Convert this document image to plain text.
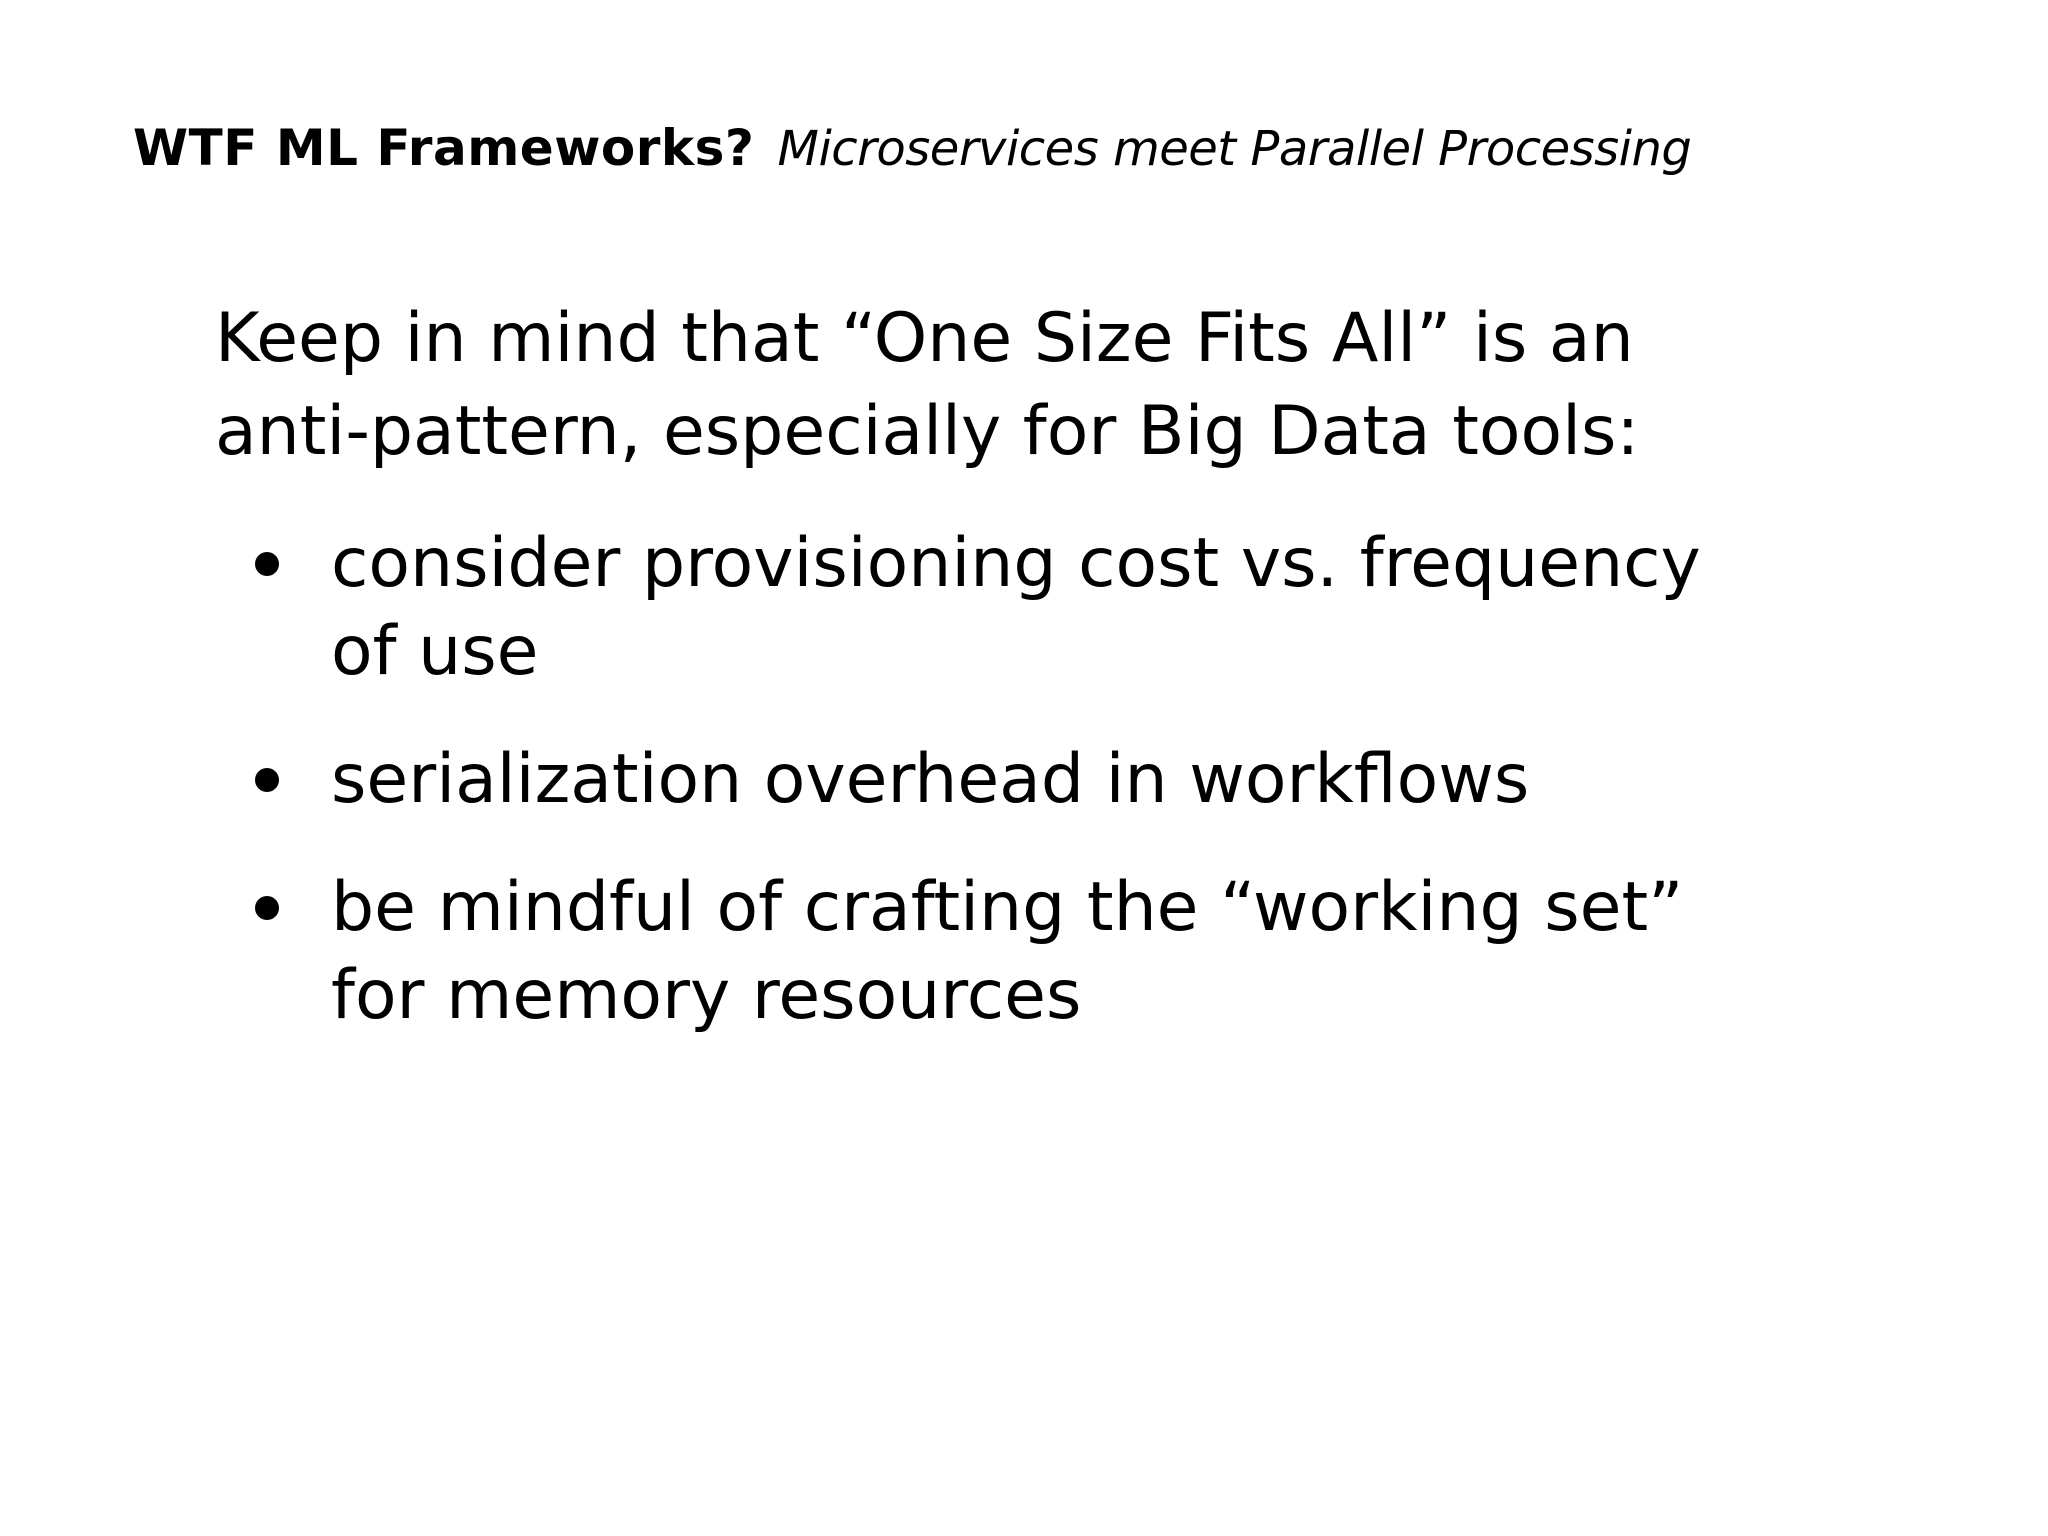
WTF ML Frameworks? Microservices meet Parallel Processing

Keep in mind that “One Size Fits All” is an
anti-pattern, especially for Big Data tools:

consider provisioning cost vs. frequency
of use
serialization overhead in workflows
be mindful of crafting the “working set”
for memory resources
